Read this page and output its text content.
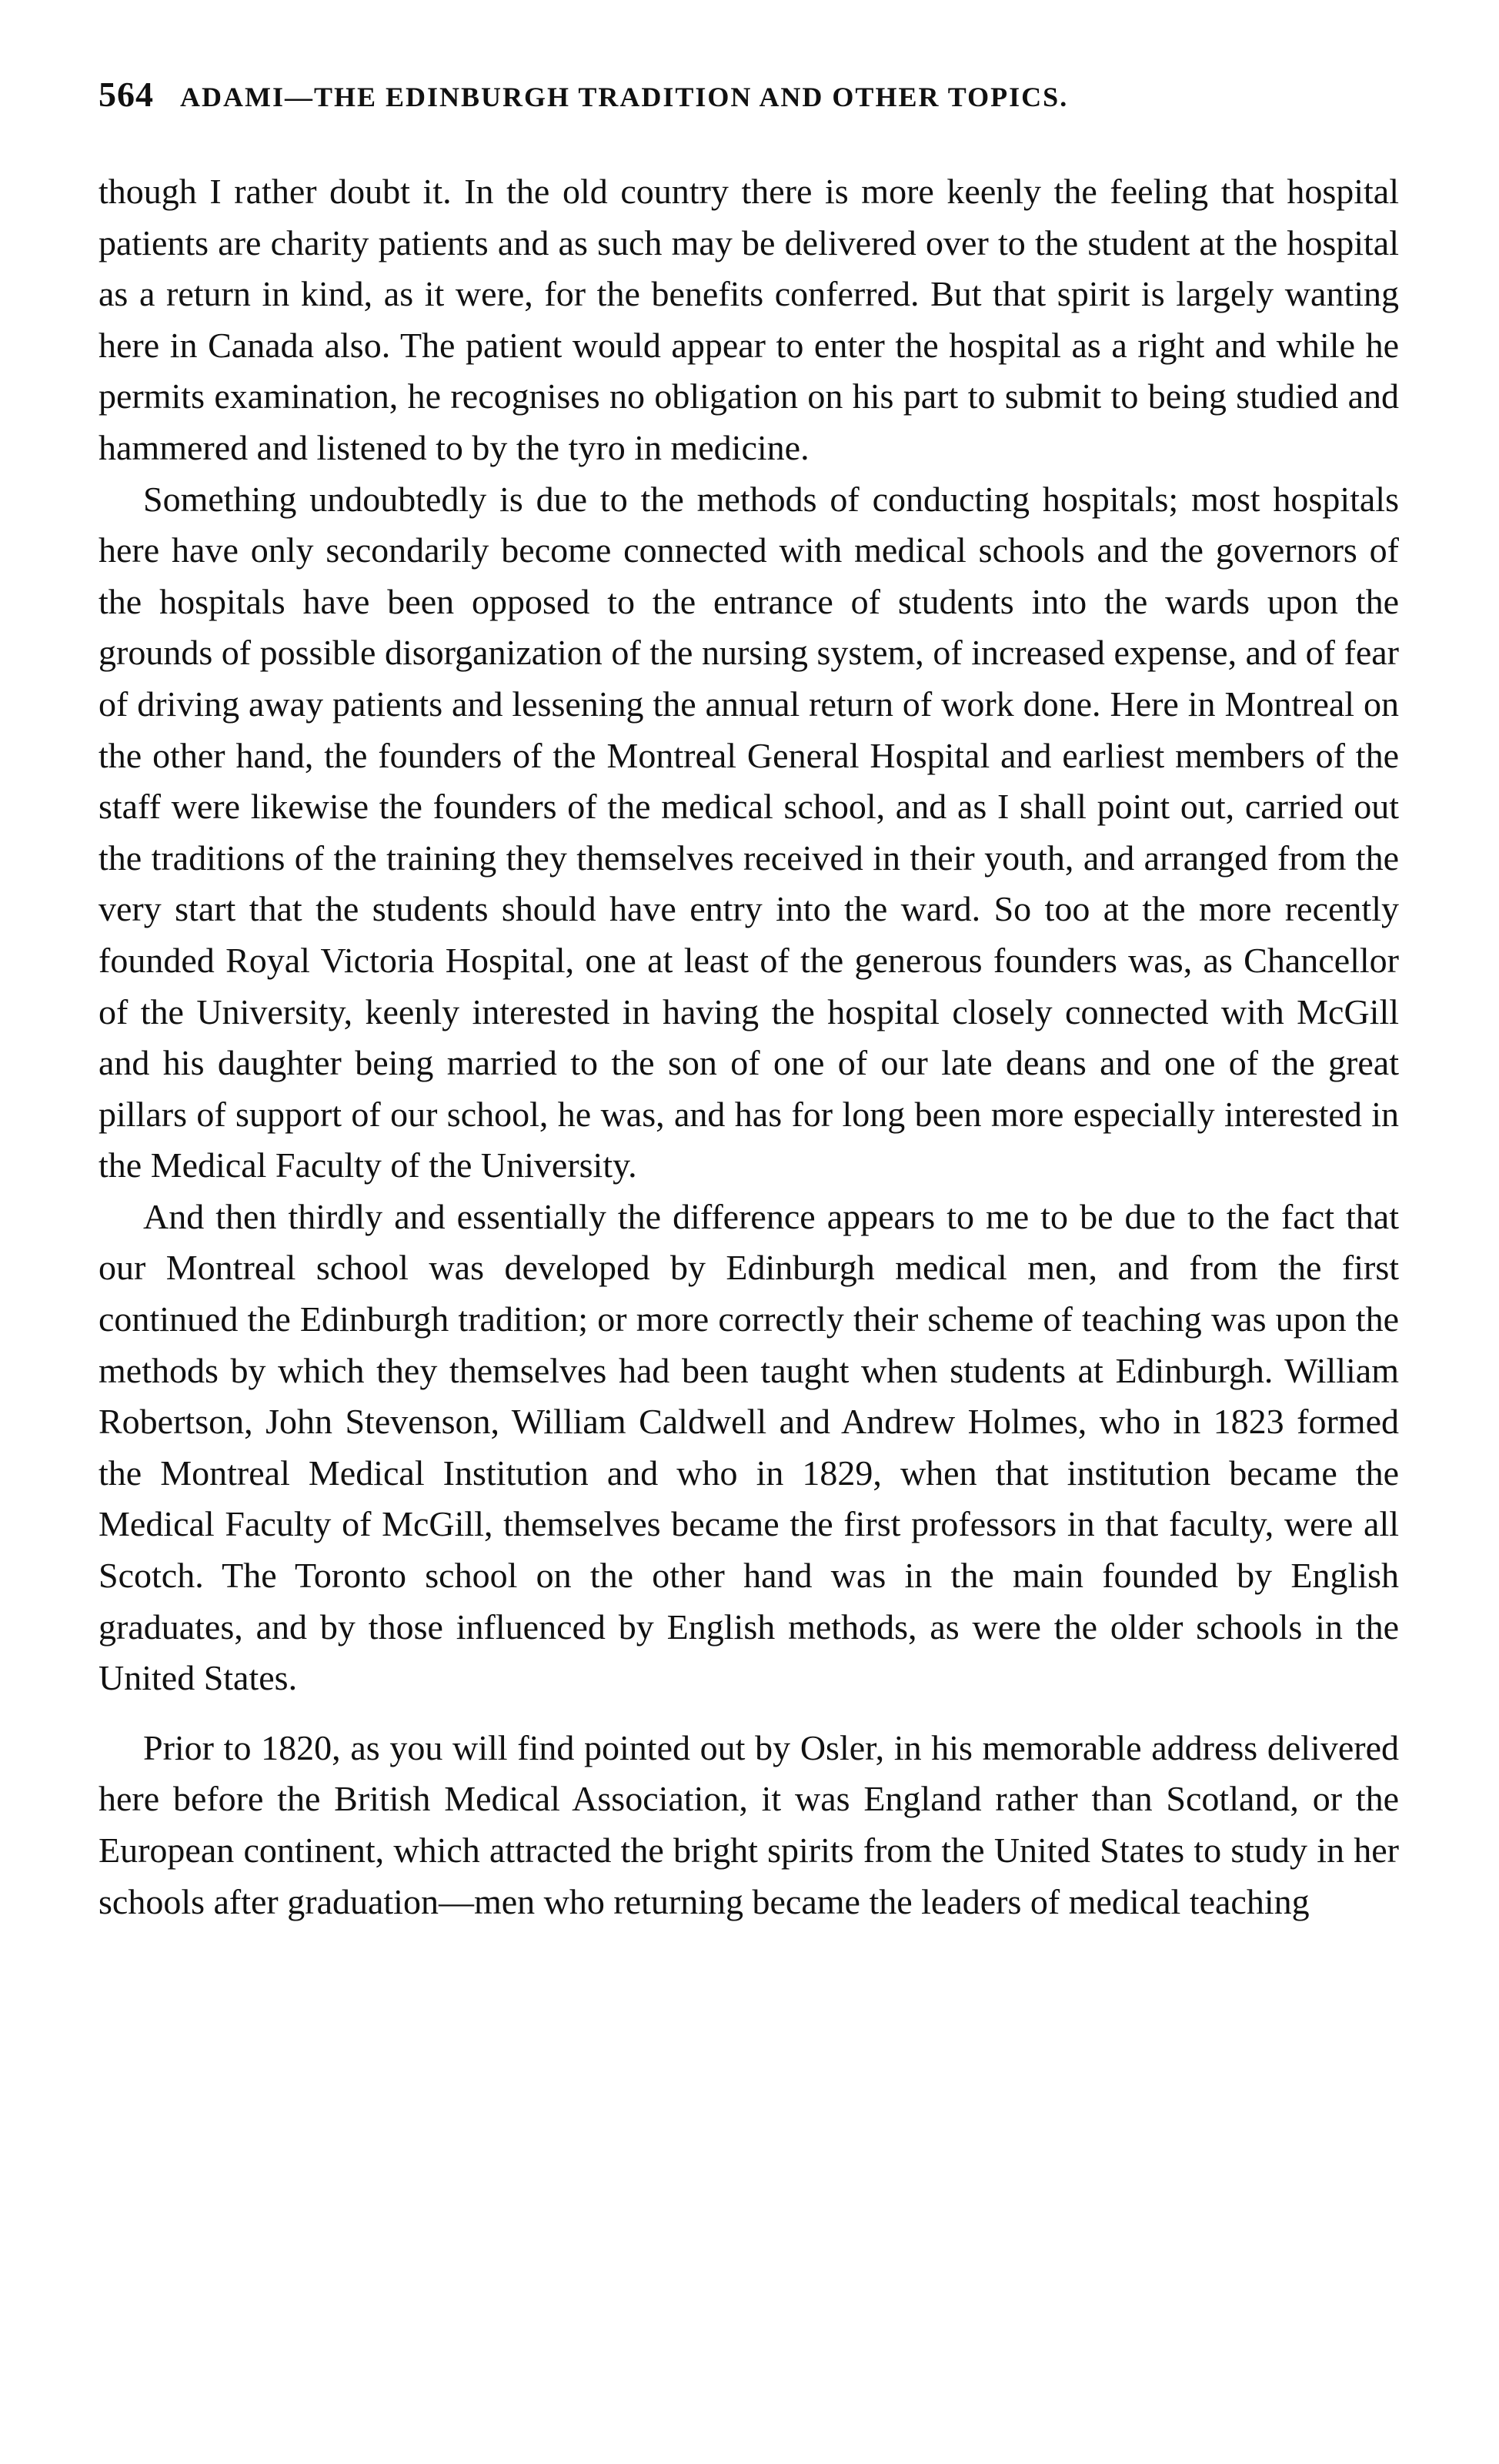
564 ADAMI—THE EDINBURGH TRADITION AND OTHER TOPICS.

though I rather doubt it. In the old country there is more keenly the feeling that hospital patients are charity patients and as such may be delivered over to the student at the hospital as a return in kind, as it were, for the benefits conferred. But that spirit is largely wanting here in Canada also. The patient would appear to enter the hospital as a right and while he permits examination, he recognises no obligation on his part to submit to being studied and hammered and listened to by the tyro in medicine.

Something undoubtedly is due to the methods of conducting hospitals; most hospitals here have only secondarily become connected with medical schools and the governors of the hospitals have been opposed to the entrance of students into the wards upon the grounds of possible disorganization of the nursing system, of increased expense, and of fear of driving away patients and lessening the annual return of work done. Here in Montreal on the other hand, the founders of the Montreal General Hospital and earliest members of the staff were likewise the founders of the medical school, and as I shall point out, carried out the traditions of the training they themselves received in their youth, and arranged from the very start that the students should have entry into the ward. So too at the more recently founded Royal Victoria Hospital, one at least of the generous founders was, as Chancellor of the University, keenly interested in having the hospital closely connected with McGill and his daughter being married to the son of one of our late deans and one of the great pillars of support of our school, he was, and has for long been more especially interested in the Medical Faculty of the University.

And then thirdly and essentially the difference appears to me to be due to the fact that our Montreal school was developed by Edinburgh medical men, and from the first continued the Edinburgh tradition; or more correctly their scheme of teaching was upon the methods by which they themselves had been taught when students at Edinburgh. William Robertson, John Stevenson, William Caldwell and Andrew Holmes, who in 1823 formed the Montreal Medical Institution and who in 1829, when that institution became the Medical Faculty of McGill, themselves became the first professors in that faculty, were all Scotch. The Toronto school on the other hand was in the main founded by English graduates, and by those influenced by English methods, as were the older schools in the United States.

Prior to 1820, as you will find pointed out by Osler, in his memorable address delivered here before the British Medical Association, it was England rather than Scotland, or the European continent, which attracted the bright spirits from the United States to study in her schools after graduation—men who returning became the leaders of medical teaching
